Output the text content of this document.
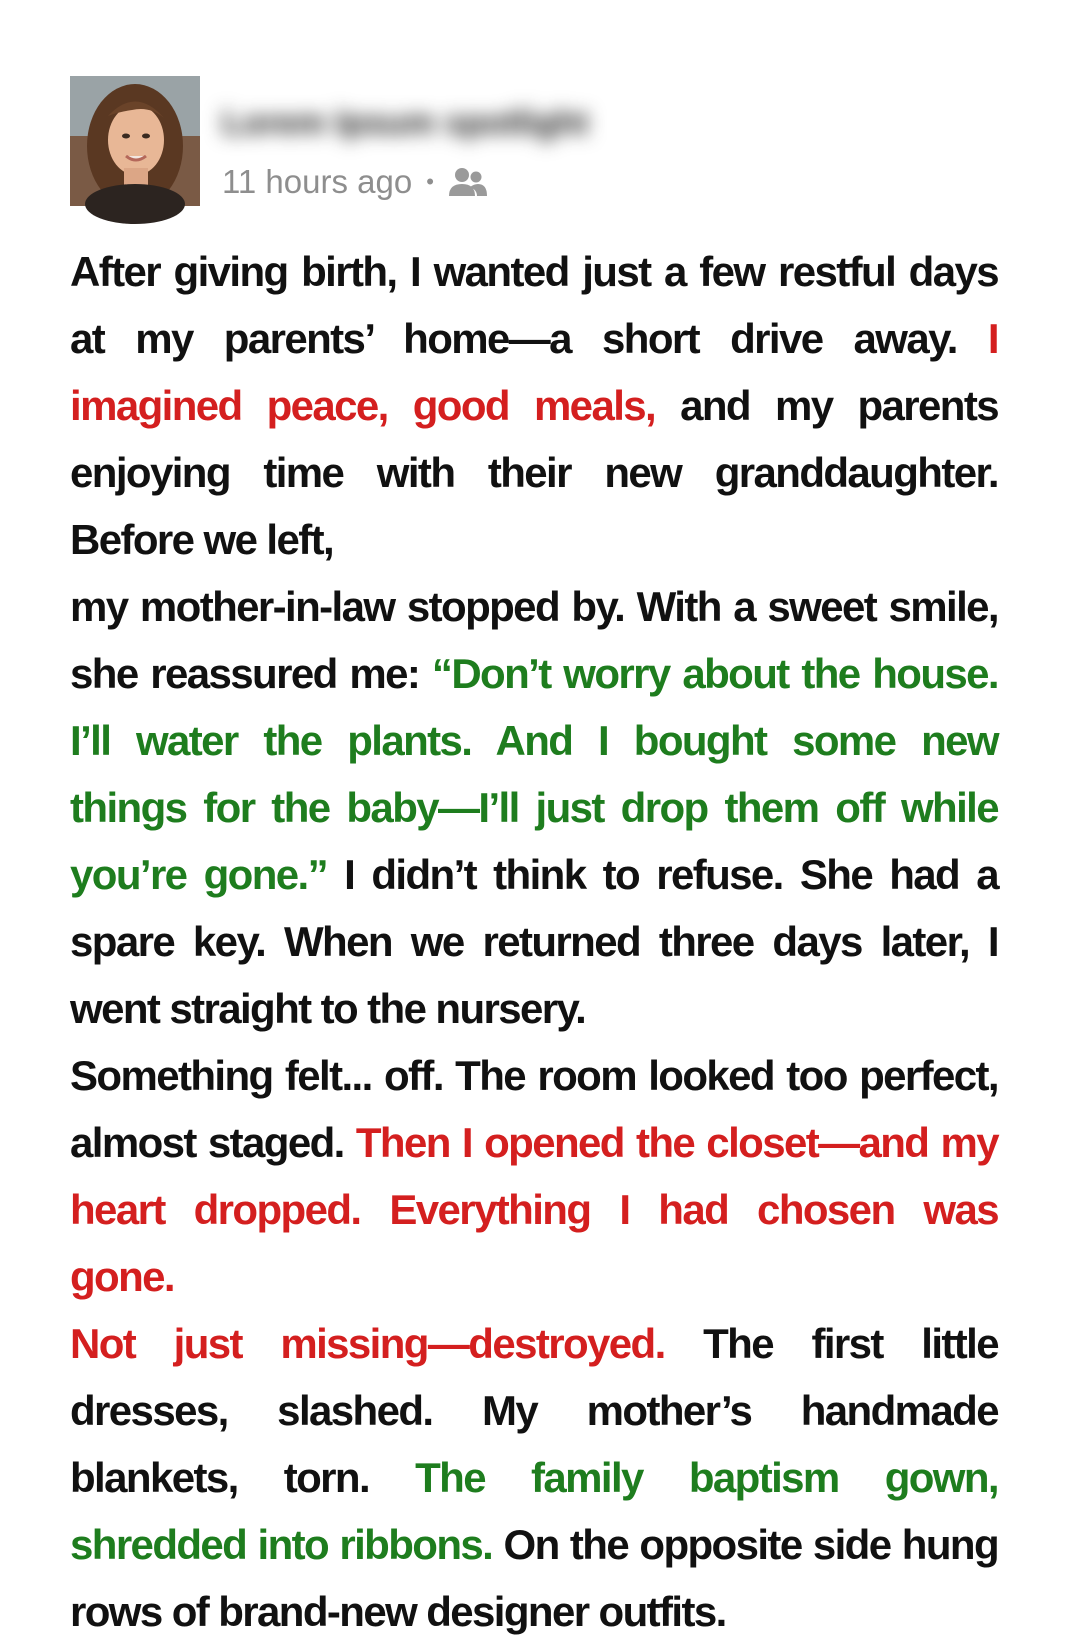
Lorem Ipsum spotlight
11 hours ago •

After giving birth, I wanted just a few restful days at my parents’ home—a short drive away. I imagined peace, good meals, and my parents enjoying time with their new granddaughter. Before we left,

my mother-in-law stopped by. With a sweet smile, she reassured me: “Don’t worry about the house. I’ll water the plants. And I bought some new things for the baby—I’ll just drop them off while you’re gone.” I didn’t think to refuse. She had a spare key. When we returned three days later, I went straight to the nursery.

Something felt... off. The room looked too perfect, almost staged. Then I opened the closet—and my heart dropped. Everything I had chosen was gone.

Not just missing—destroyed. The first little dresses, slashed. My mother’s handmade blankets, torn. The family baptism gown, shredded into ribbons. On the opposite side hung rows of brand-new designer outfits.
